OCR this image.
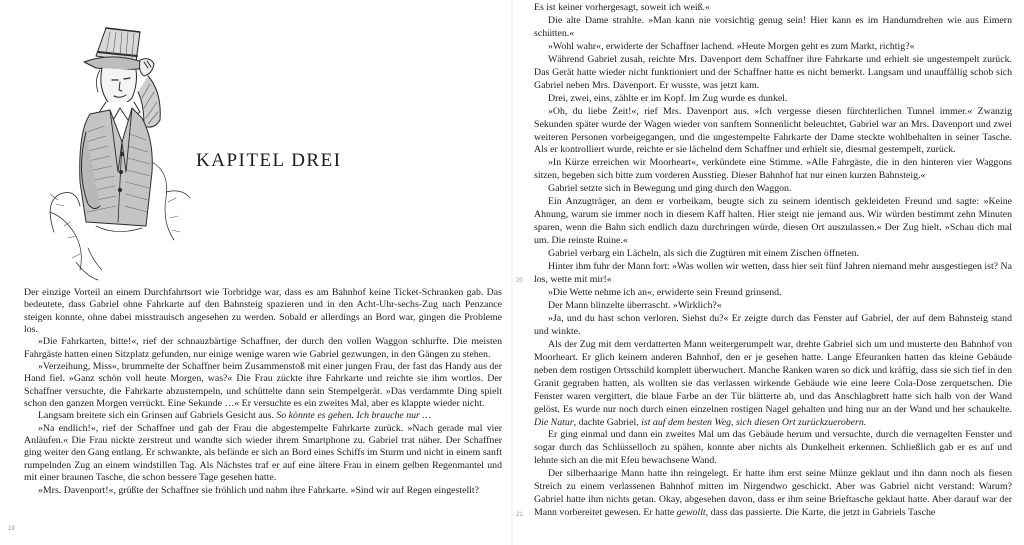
KAPITEL DREI

Der einzige Vorteil an einem Durchfahrtsort wie Torbridge war, dass es am Bahnhof keine Ticket-Schranken gab. Das bedeutete, dass Gabriel ohne Fahrkarte auf den Bahnsteig spazieren und in den Acht-Uhr-sechs-Zug nach Penzance steigen konnte, ohne dabei misstrauisch angesehen zu werden. Sobald er allerdings an Bord war, gingen die Probleme los.

»Die Fahrkarten, bitte!«, rief der schnauzbärtige Schaffner, der durch den vollen Waggon schlurfte. Die meisten Fahrgäste hatten einen Sitzplatz gefunden, nur einige wenige waren wie Gabriel gezwungen, in den Gängen zu stehen.

»Verzeihung, Miss«, brummelte der Schaffner beim Zusammenstoß mit einer jungen Frau, der fast das Handy aus der Hand fiel. »Ganz schön voll heute Morgen, was?« Die Frau zückte ihre Fahrkarte und reichte sie ihm wortlos. Der Schaffner versuchte, die Fahrkarte abzustempeln, und schüttelte dann sein Stempelgerät. »Das verdammte Ding spielt schon den ganzen Morgen verrückt. Eine Sekunde …« Er versuchte es ein zweites Mal, aber es klappte wieder nicht.

Langsam breitete sich ein Grinsen auf Gabriels Gesicht aus. So könnte es gehen. Ich brauche nur …

»Na endlich!«, rief der Schaffner und gab der Frau die abgestempelte Fahrkarte zurück. »Nach gerade mal vier Anläufen.« Die Frau nickte zerstreut und wandte sich wieder ihrem Smartphone zu. Gabriel trat näher. Der Schaffner ging weiter den Gang entlang. Er schwankte, als befände er sich an Bord eines Schiffs im Sturm und nicht in einem sanft rumpelnden Zug an einem windstillen Tag. Als Nächstes traf er auf eine ältere Frau in einem gelben Regenmantel und mit einer braunen Tasche, die schon bessere Tage gesehen hatte.

»Mrs. Davenport!«, grüßte der Schaffner sie fröhlich und nahm ihre Fahrkarte. »Sind wir auf Regen eingestellt?

19
20
21

Es ist keiner vorhergesagt, soweit ich weiß.«

Die alte Dame strahlte. »Man kann nie vorsichtig genug sein! Hier kann es im Handumdrehen wie aus Eimern schütten.«

»Wohl wahr«, erwiderte der Schaffner lachend. »Heute Morgen geht es zum Markt, richtig?«

Während Gabriel zusah, reichte Mrs. Davenport dem Schaffner ihre Fahrkarte und erhielt sie ungestempelt zurück. Das Gerät hatte wieder nicht funktioniert und der Schaffner hatte es nicht bemerkt. Langsam und unauffällig schob sich Gabriel neben Mrs. Davenport. Er wusste, was jetzt kam.

Drei, zwei, eins, zählte er im Kopf. Im Zug wurde es dunkel.

»Oh, du liebe Zeit!«, rief Mrs. Davenport aus. »Ich vergesse diesen fürchterlichen Tunnel immer.« Zwanzig Sekunden später wurde der Wagen wieder von sanftem Sonnenlicht beleuchtet, Gabriel war an Mrs. Davenport und zwei weiteren Personen vorbeigegangen, und die ungestempelte Fahrkarte der Dame steckte wohlbehalten in seiner Tasche. Als er kontrolliert wurde, reichte er sie lächelnd dem Schaffner und erhielt sie, diesmal gestempelt, zurück.

»In Kürze erreichen wir Moorheart«, verkündete eine Stimme. »Alle Fahrgäste, die in den hinteren vier Waggons sitzen, begeben sich bitte zum vorderen Ausstieg. Dieser Bahnhof hat nur einen kurzen Bahnsteig.«

Gabriel setzte sich in Bewegung und ging durch den Waggon.

Ein Anzugträger, an dem er vorbeikam, beugte sich zu seinem identisch gekleideten Freund und sagte: »Keine Ahnung, warum sie immer noch in diesem Kaff halten. Hier steigt nie jemand aus. Wir würden bestimmt zehn Minuten sparen, wenn die Bahn sich endlich dazu durchringen würde, diesen Ort auszulassen.« Der Zug hielt. »Schau dich mal um. Die reinste Ruine.«

Gabriel verbarg ein Lächeln, als sich die Zugtüren mit einem Zischen öffneten.

Hinter ihm fuhr der Mann fort: »Was wollen wir wetten, dass hier seit fünf Jahren niemand mehr ausgestiegen ist? Na los, wette mit mir!«

»Die Wette nehme ich an«, erwiderte sein Freund grinsend.

Der Mann blinzelte überrascht. »Wirklich?«

»Ja, und du hast schon verloren. Siehst du?« Er zeigte durch das Fenster auf Gabriel, der auf dem Bahnsteig stand und winkte.

Als der Zug mit dem verdatterten Mann weitergerumpelt war, drehte Gabriel sich um und musterte den Bahnhof von Moorheart. Er glich keinem anderen Bahnhof, den er je gesehen hatte. Lange Efeuranken hatten das kleine Gebäude neben dem rostigen Ortsschild komplett überwuchert. Manche Ranken waren so dick und kräftig, dass sie sich tief in den Granit gegraben hatten, als wollten sie das verlassen wirkende Gebäude wie eine leere Cola-Dose zerquetschen. Die Fenster waren vergittert, die blaue Farbe an der Tür blätterte ab, und das Anschlagbrett hatte sich halb von der Wand gelöst. Es wurde nur noch durch einen einzelnen rostigen Nagel gehalten und hing nur an der Wand und her schaukelte. Die Natur, dachte Gabriel, ist auf dem besten Weg, sich diesen Ort zurückzuerobern.

Er ging einmal und dann ein zweites Mal um das Gebäude herum und versuchte, durch die vernagelten Fenster und sogar durch das Schlüsselloch zu spähen, konnte aber nichts als Dunkelheit erkennen. Schließlich gab er es auf und lehnte sich an die mit Efeu bewachsene Wand.

Der silberhaarige Mann hatte ihn reingelegt. Er hatte ihm erst seine Münze geklaut und ihn dann noch als fiesen Streich zu einem verlassenen Bahnhof mitten im Nirgendwo geschickt. Aber was Gabriel nicht verstand: Warum? Gabriel hatte ihm nichts getan. Okay, abgesehen davon, dass er ihm seine Brieftasche geklaut hatte. Aber darauf war der Mann vorbereitet gewesen. Er hatte gewollt, dass das passierte. Die Karte, die jetzt in Gabriels Tasche
